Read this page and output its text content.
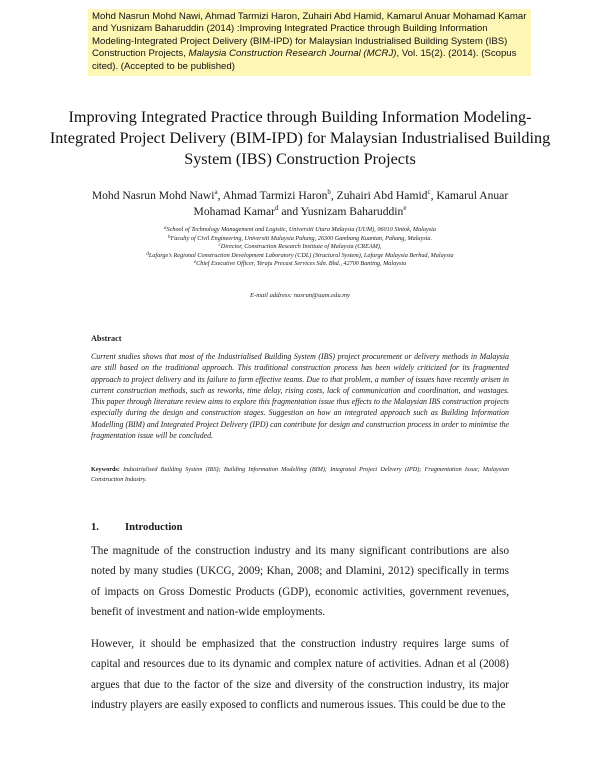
Mohd Nasrun Mohd Nawi, Ahmad Tarmizi Haron, Zuhairi Abd Hamid, Kamarul Anuar Mohamad Kamar and Yusnizam Baharuddin (2014) :Improving Integrated Practice through Building Information Modeling-Integrated Project Delivery (BIM-IPD) for Malaysian Industrialised Building System (IBS) Construction Projects, Malaysia Construction Research Journal (MCRJ), Vol. 15(2). (2014). (Scopus cited). (Accepted to be published)
Improving Integrated Practice through Building Information Modeling-Integrated Project Delivery (BIM-IPD) for Malaysian Industrialised Building System (IBS) Construction Projects
Mohd Nasrun Mohd Nawi$^a$, Ahmad Tarmizi Haron$^b$, Zuhairi Abd Hamid$^c$, Kamarul Anuar Mohamad Kamar$^d$ and Yusnizam Baharuddin$^e$
$^a$School of Technology Management and Logistic, Universiti Utara Malaysia (UUM), 06010 Sintok, Malaysia
$^b$Faculty of Civil Engineering, Universiti Malaysia Pahang, 26300 Gambang Kuantan, Pahang, Malaysia.
$^c$Director, Construction Research Institute of Malaysia (CREAM),
$^d$Lafarge's Regional Construction Development Laboratory (CDL) (Structural System), Lafarge Malaysia Berhad, Malaysia
$^e$Chief Executive Officer, Teraju Precast Services Sdn. Bhd., 42700 Banting, Malaysia
E-mail address: nasrun@uum.edu.my
Abstract
Current studies shows that most of the Industrialised Building System (IBS) project procurement or delivery methods in Malaysia are still based on the traditional approach. This traditional construction process has been widely criticized for its fragmented approach to project delivery and its failure to form effective teams. Due to that problem, a number of issues have recently arisen in current construction methods, such as reworks, time delay, rising costs, lack of communication and coordination, and wastages. This paper through literature review aims to explore this fragmentation issue thus effects to the Malaysian IBS construction projects especially during the design and construction stages. Suggestion on how an integrated approach such as Building Information Modelling (BIM) and Integrated Project Delivery (IPD) can contribute for design and construction process in order to minimise the fragmentation issue will be concluded.
Keywords: Industrialised Building System (IBS); Building Information Modelling (BIM); Integrated Project Delivery (IPD); Fragmentation Issue; Malaysian Construction Industry.
1. Introduction
The magnitude of the construction industry and its many significant contributions are also noted by many studies (UKCG, 2009; Khan, 2008; and Dlamini, 2012) specifically in terms of impacts on Gross Domestic Products (GDP), economic activities, government revenues, benefit of investment and nation-wide employments.
However, it should be emphasized that the construction industry requires large sums of capital and resources due to its dynamic and complex nature of activities. Adnan et al (2008) argues that due to the factor of the size and diversity of the construction industry, its major industry players are easily exposed to conflicts and numerous issues. This could be due to the
